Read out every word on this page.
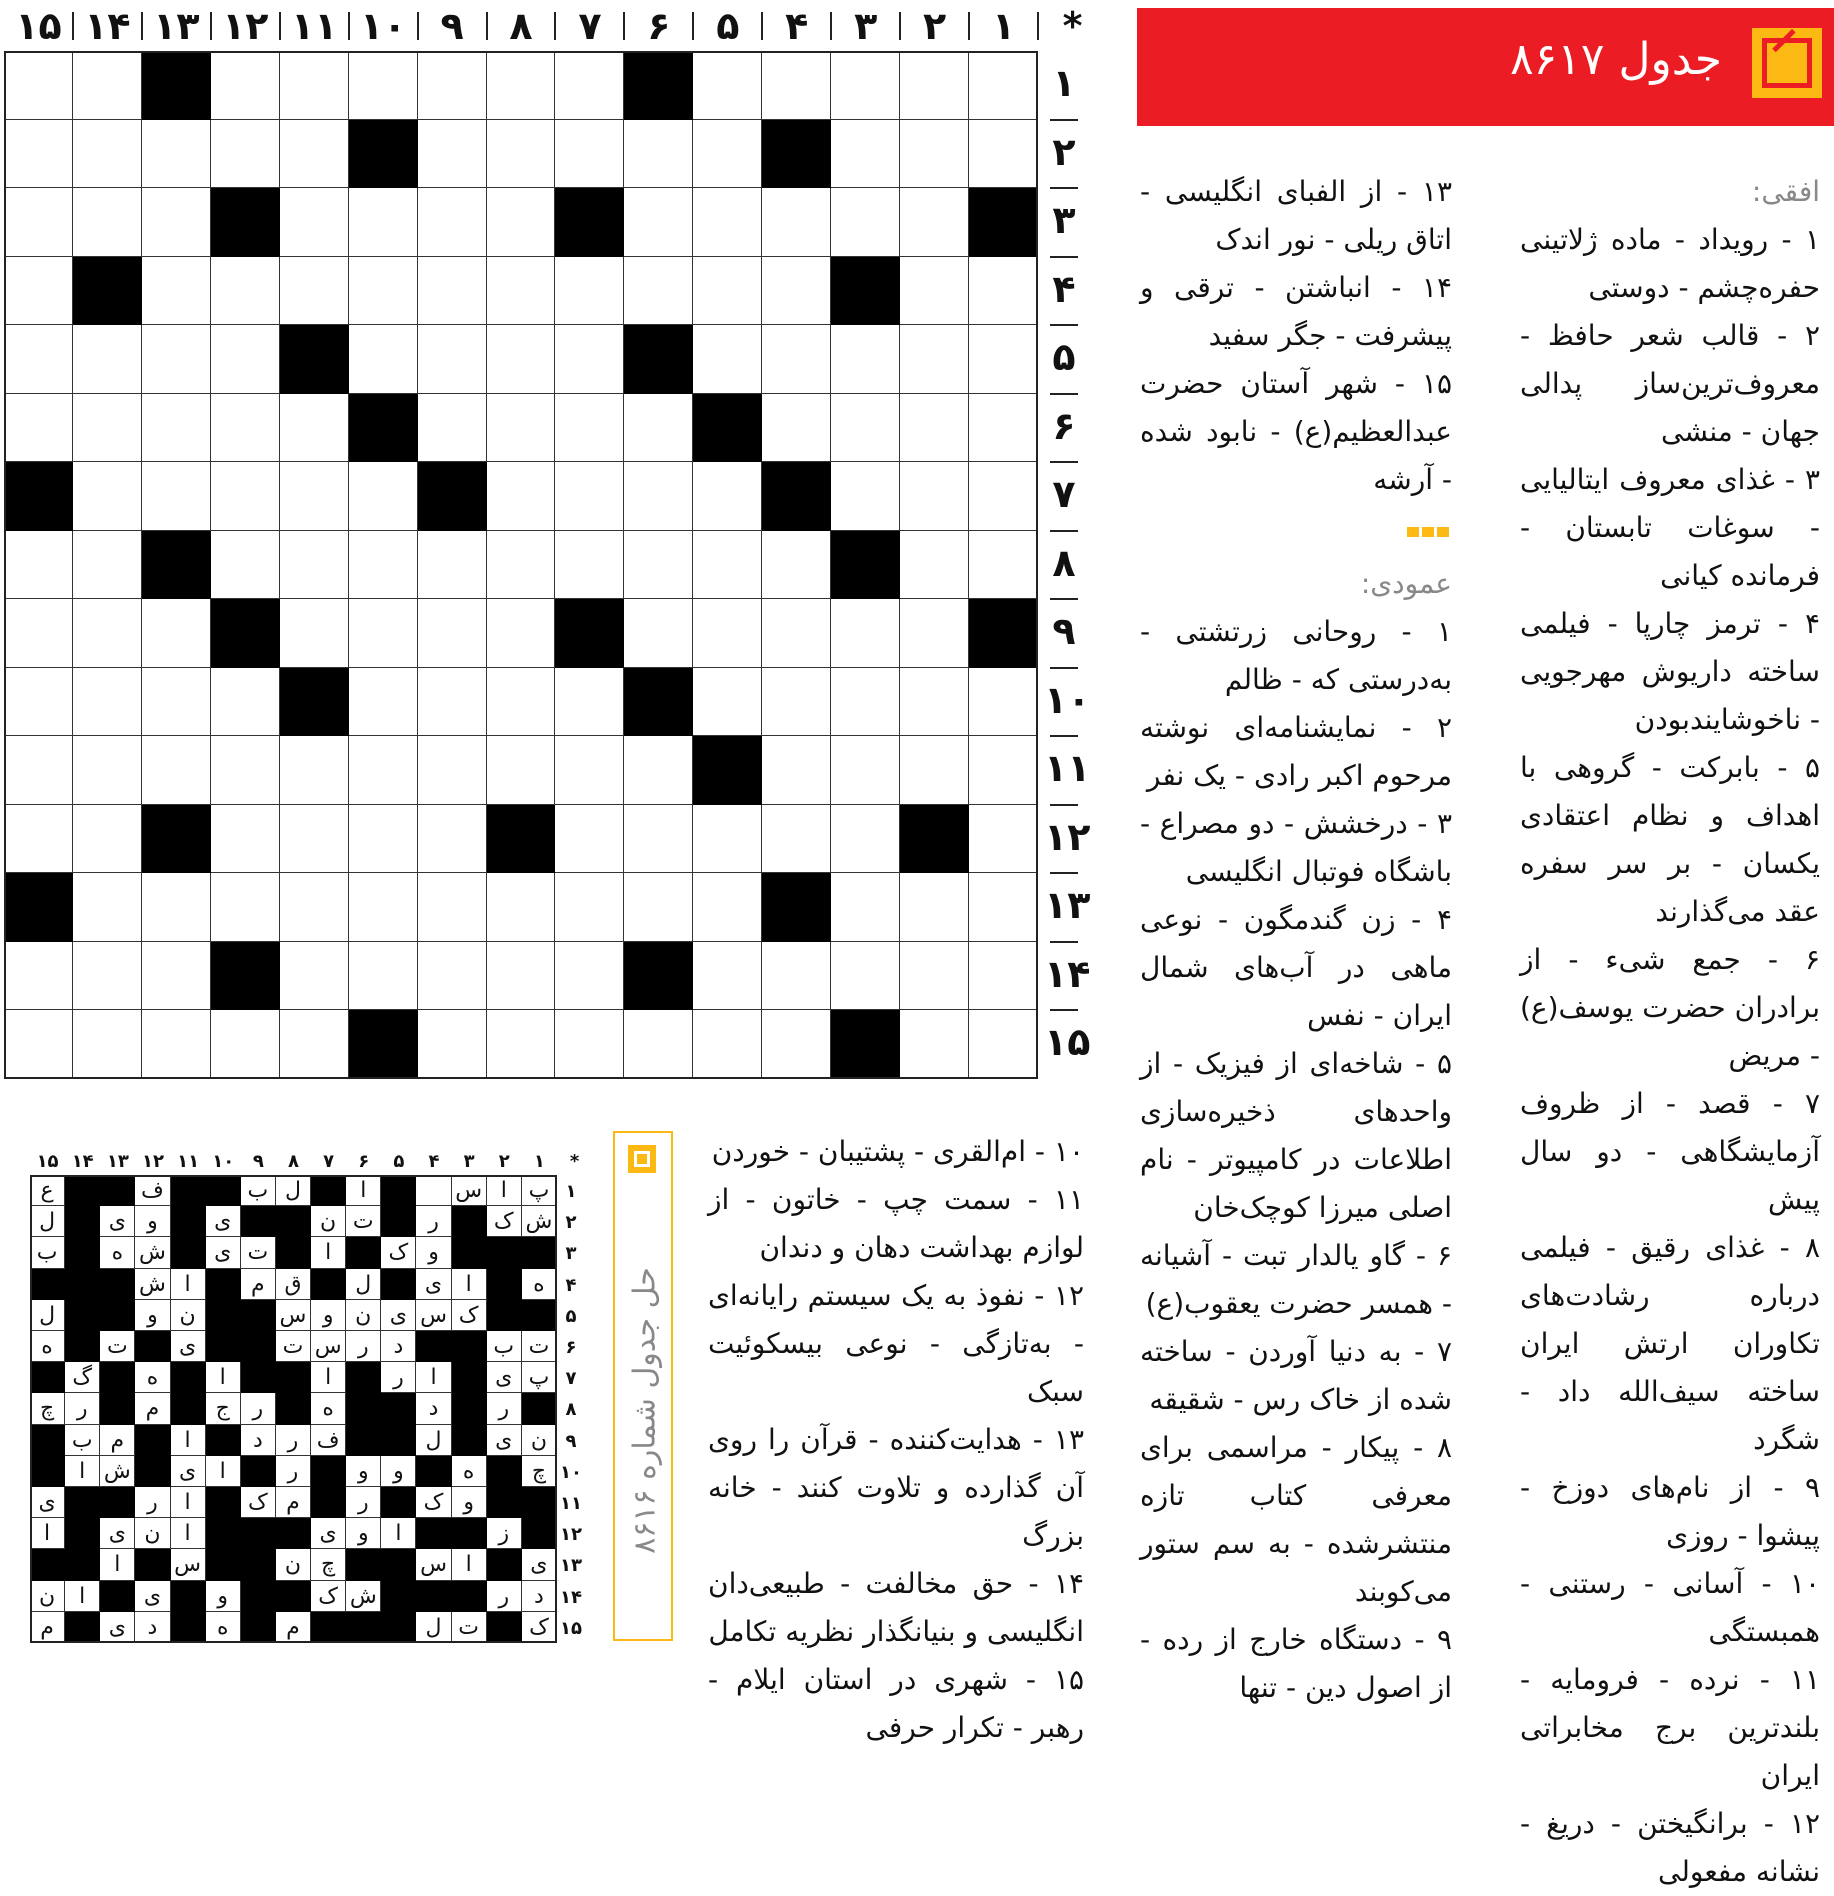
جدول ۸۶۱۷

افقی:

۱ - رویداد - ماده ژلاتینی حفره‌چشم - دوستی

۲ - قالب شعر حافظ - معروف‌ترین‌ساز پدالی جهان - منشی

۳ - غذای معروف ایتالیایی - سوغات تابستان - فرمانده کیانی

۴ - ترمز چارپا - فیلمی ساخته داریوش مهرجویی - ناخوشایندبودن

۵ - بابرکت - گروهی با اهداف و نظام اعتقادی یکسان - بر سر سفره عقد می‌گذارند

۶ - جمع شیء - از برادران حضرت یوسف(ع) - مریض

۷ - قصد - از ظروف آزمایشگاهی - دو سال پیش

۸ - غذای رقیق - فیلمی درباره رشادت‌های تکاوران ارتش ایران ساخته سیف‌الله داد - شگرد

۹ - از نام‌های دوزخ - پیشوا - روزی

۱۰ - آسانی - رستنی - همبستگی

۱۱ - نرده - فرومایه - بلندترین برج مخابراتی ایران

۱۲ - برانگیختن - دریغ - نشانه مفعولی

۱۳ - از الفبای انگلیسی - اتاق ریلی - نور اندک

۱۴ - انباشتن - ترقی و پیشرفت - جگر سفید

۱۵ - شهر آستان حضرت عبدالعظیم(ع) - نابود شده - آرشه

عمودی:

۱ - روحانی زرتشتی - به‌درستی که - ظالم

۲ - نمایشنامه‌ای نوشته مرحوم اکبر رادی - یک نفر

۳ - درخشش - دو مصراع - باشگاه فوتبال انگلیسی

۴ - زن گندمگون - نوعی ماهی در آب‌های شمال ایران - نفس

۵ - شاخه‌ای از فیزیک - از واحدهای ذخیره‌سازی اطلاعات در کامپیوتر - نام اصلی میرزا کوچک‌خان

۶ - گاو یالدار تبت - آشیانه - همسر حضرت یعقوب(ع)

۷ - به دنیا آوردن - ساخته شده از خاک رس - شقیقه

۸ - پیکار - مراسمی برای معرفی کتاب تازه منتشرشده - به سم ستور می‌کوبند

۹ - دستگاه خارج از رده - از اصول دین - تنها

۱۰ - ام‌القری - پشتیبان - خوردن

۱۱ - سمت چپ - خاتون - از لوازم بهداشت دهان و دندان

۱۲ - نفوذ به یک سیستم رایانه‌ای - به‌تازگی - نوعی بیسکوئیت سبک

۱۳ - هدایت‌کننده - قرآن را روی آن گذارده و تلاوت کنند - خانه بزرگ

۱۴ - حق مخالفت - طبیعی‌دان انگلیسی و بنیانگذار نظریه تکامل

۱۵ - شهری در استان ایلام - رهبر - تکرار حرفی

*
۱
۲
۳
۴
۵
۶
۷
۸
۹
۱۰
۱۱
۱۲
۱۳
۱۴
۱۵
۱
۲
۳
۴
۵
۶
۷
۸
۹
۱۰
۱۱
۱۲
۱۳
۱۴
۱۵
حل جدول شماره ۸۶۱۶
پ
ا
س
ا
ل
ب
ف
ع
ش
ک
ر
ت
ن
ی
و
ی
ل
و
ک
ا
ت
ی
ش
ه
ب
ه
ا
ی
ل
ق
م
ا
ش
ک
س
ی
ن
و
س
ن
و
ل
ت
ب
د
ر
س
ت
ی
ت
ه
پ
ی
ا
ر
ا
ا
ه
گ
ر
د
ه
ر
ج
م
ر
چ
ن
ی
ل
ف
ر
د
ا
م
ب
چ
ه
و
و
ر
ا
ی
ش
ا
و
ک
ر
م
ک
ا
ر
ی
ز
ا
و
ی
ا
ن
ی
ا
ی
ا
س
چ
ن
س
ا
د
ر
ش
ک
و
ی
ا
ن
ک
ت
ل
م
ه
د
ی
م
*
۱
۲
۳
۴
۵
۶
۷
۸
۹
۱۰
۱۱
۱۲
۱۳
۱۴
۱۵
۱
۲
۳
۴
۵
۶
۷
۸
۹
۱۰
۱۱
۱۲
۱۳
۱۴
۱۵
